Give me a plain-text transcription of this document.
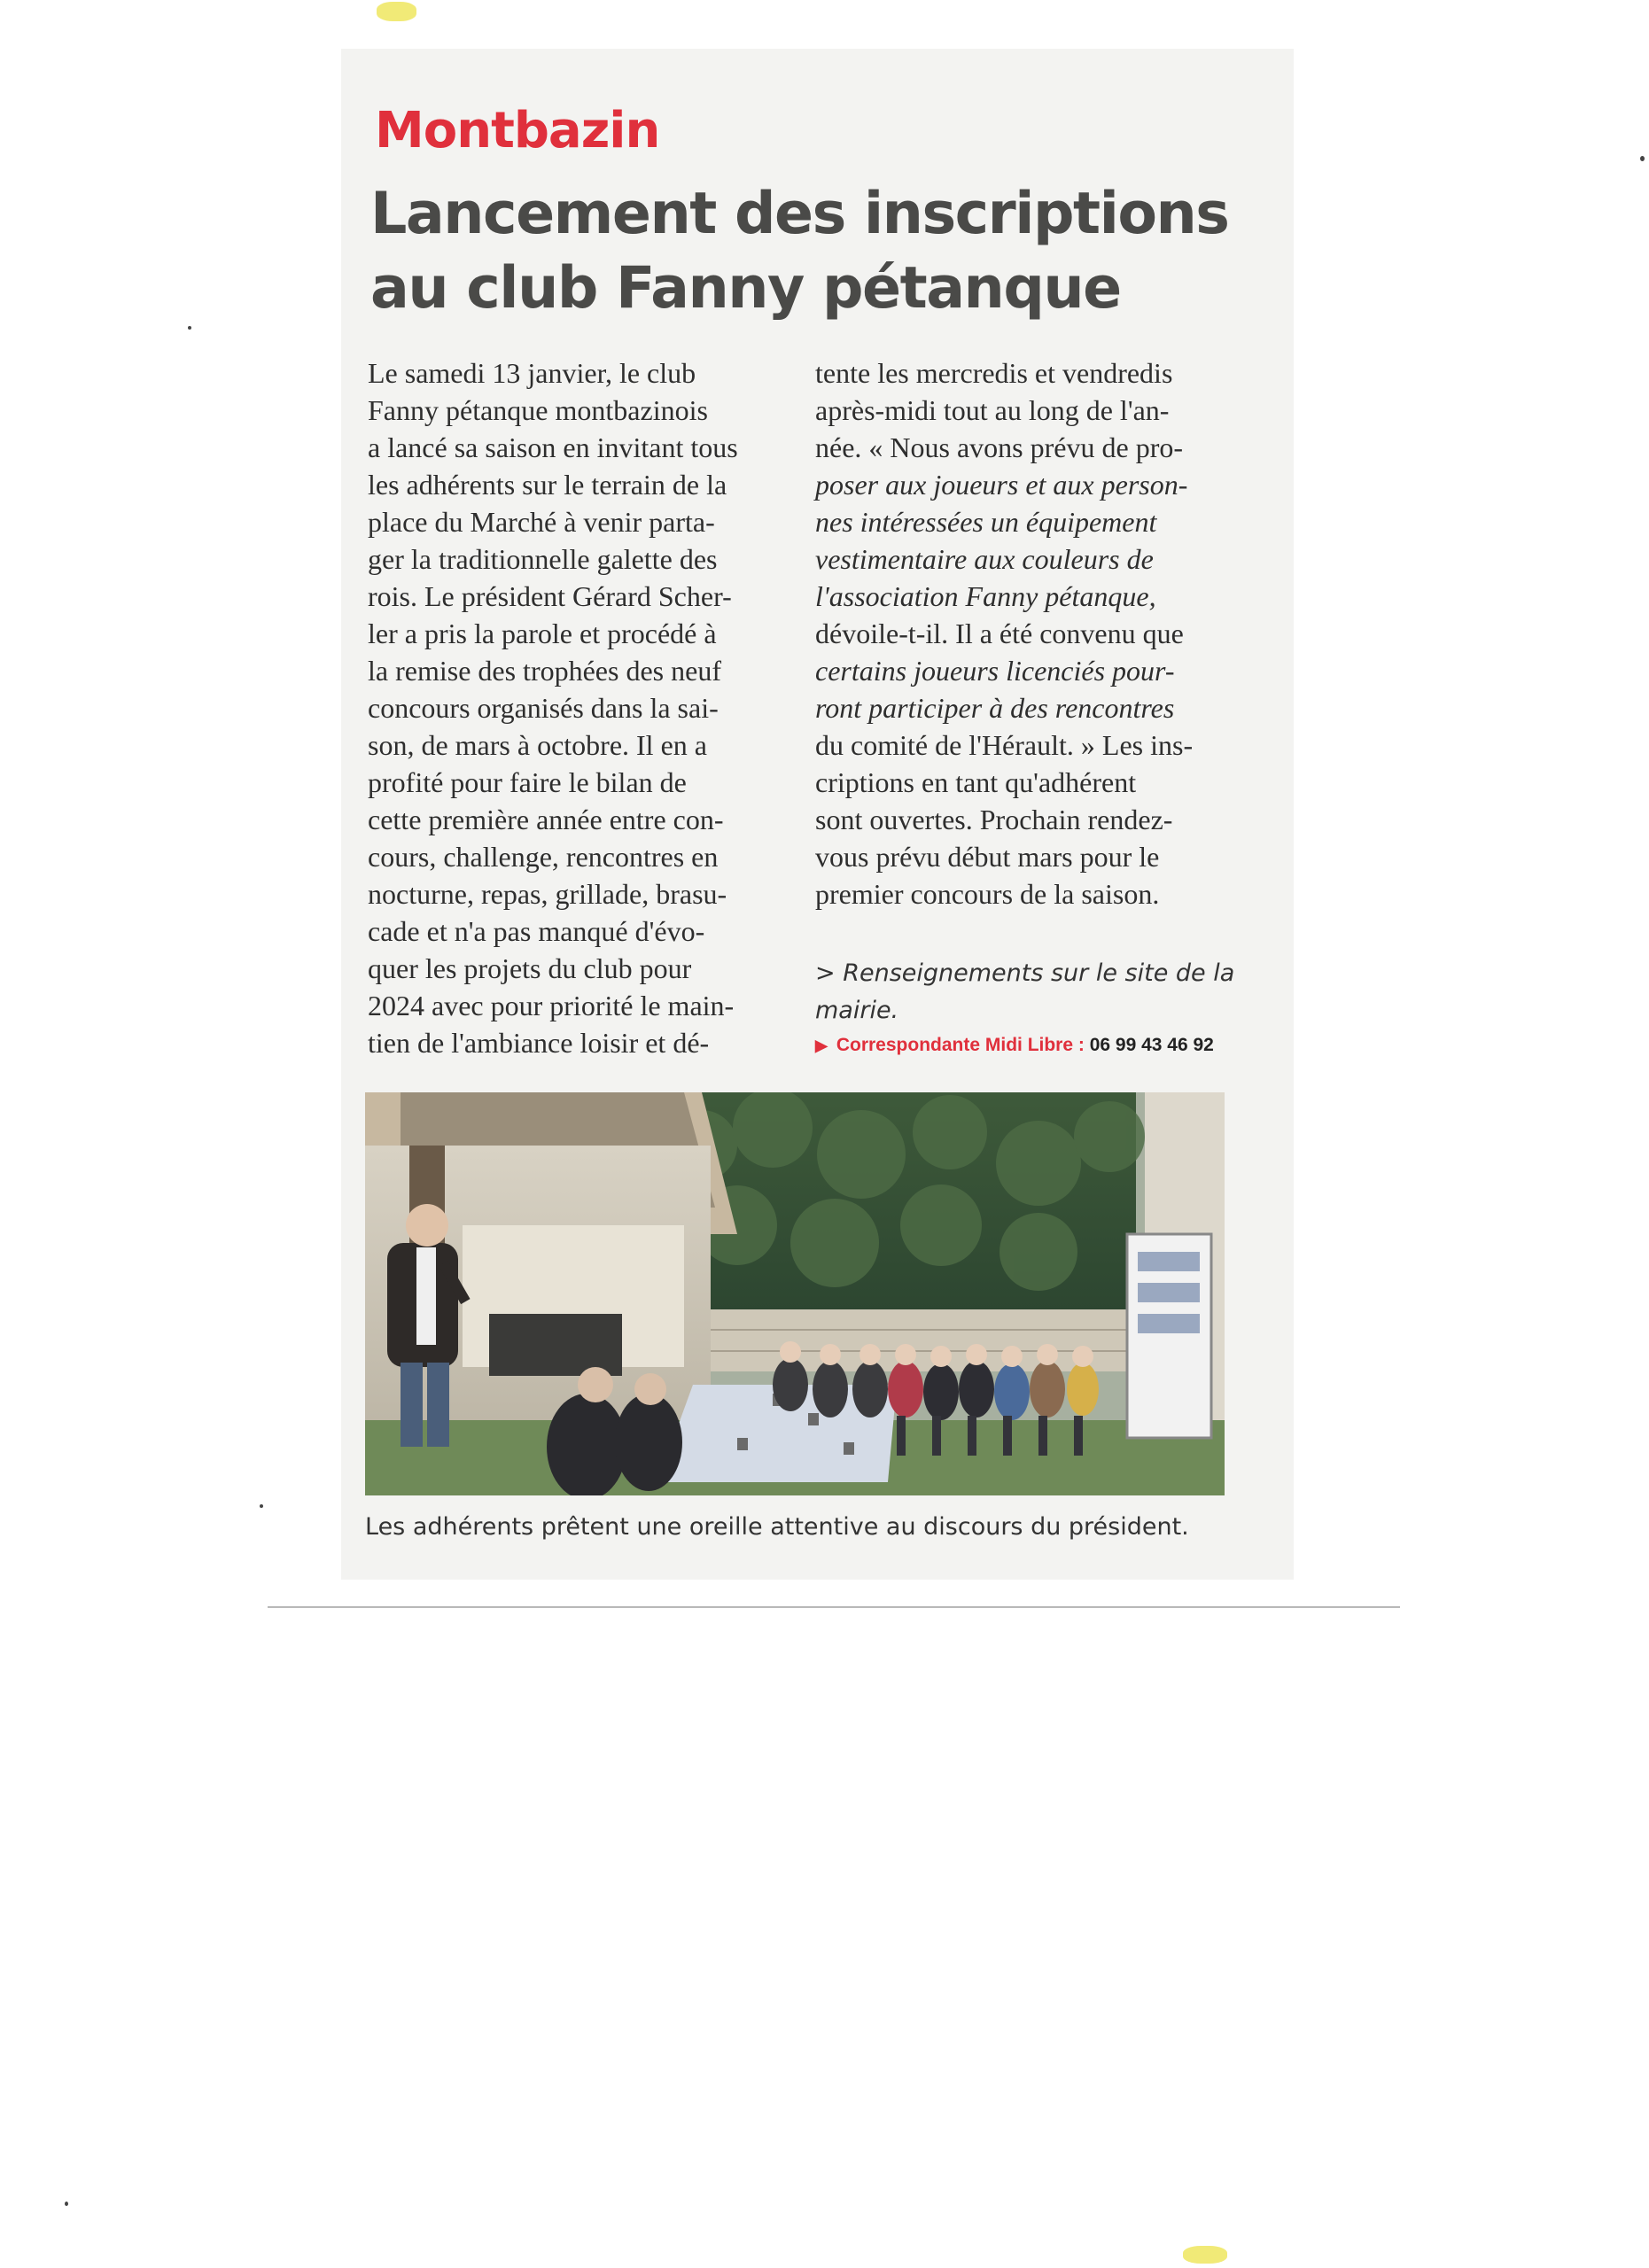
Montbazin
Lancement des inscriptions
au club Fanny pétanque
Le samedi 13 janvier, le club
Fanny pétanque montbazinois
a lancé sa saison en invitant tous
les adhérents sur le terrain de la
place du Marché à venir parta-
ger la traditionnelle galette des
rois. Le président Gérard Scher-
ler a pris la parole et procédé à
la remise des trophées des neuf
concours organisés dans la sai-
son, de mars à octobre. Il en a
profité pour faire le bilan de
cette première année entre con-
cours, challenge, rencontres en
nocturne, repas, grillade, brasu-
cade et n'a pas manqué d'évo-
quer les projets du club pour
2024 avec pour priorité le main-
tien de l'ambiance loisir et dé-
tente les mercredis et vendredis
après-midi tout au long de l'an-
née. « Nous avons prévu de pro-
poser aux joueurs et aux person-
nes intéressées un équipement
vestimentaire aux couleurs de
l'association Fanny pétanque,
dévoile-t-il. Il a été convenu que
certains joueurs licenciés pour-
ront participer à des rencontres
du comité de l'Hérault. » Les ins-
criptions en tant qu'adhérent
sont ouvertes. Prochain rendez-
vous prévu début mars pour le
premier concours de la saison.
> Renseignements sur le site de la
mairie.
▶ Correspondante Midi Libre : 06 99 43 46 92
Les adhérents prêtent une oreille attentive au discours du président.
